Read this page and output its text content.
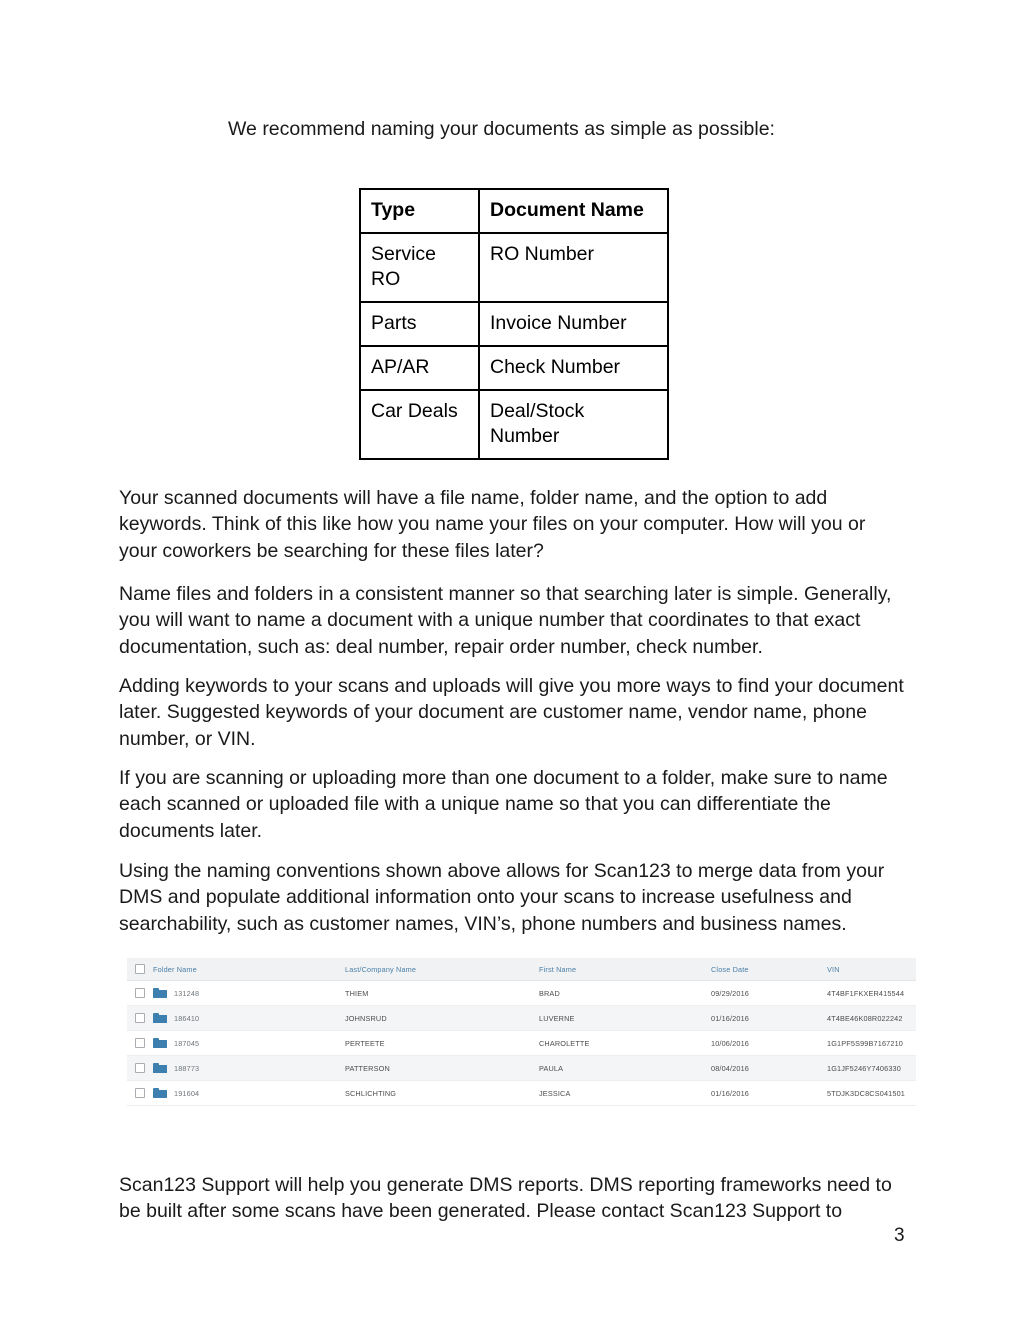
We recommend naming your documents as simple as possible:
Type	Document Name
Service RO	RO Number
Parts	Invoice Number
AP/AR	Check Number
Car Deals	Deal/Stock Number

Your scanned documents will have a file name, folder name, and the option to add keywords. Think of this like how you name your files on your computer. How will you or your coworkers be searching for these files later?

Name files and folders in a consistent manner so that searching later is simple. Generally, you will want to name a document with a unique number that coordinates to that exact documentation, such as: deal number, repair order number, check number.

Adding keywords to your scans and uploads will give you more ways to find your document later. Suggested keywords of your document are customer name, vendor name, phone number, or VIN.

If you are scanning or uploading more than one document to a folder, make sure to name each scanned or uploaded file with a unique name so that you can differentiate the documents later.

Using the naming conventions shown above allows for Scan123 to merge data from your DMS and populate additional information onto your scans to increase usefulness and searchability, such as customer names, VIN’s, phone numbers and business names.

Folder Name	Last/Company Name	First Name	Close Date	VIN
131248	THIEM	BRAD	09/29/2016	4T4BF1FKXER415544
186410	JOHNSRUD	LUVERNE	01/16/2016	4T4BE46K08R022242
187045	PERTEETE	CHAROLETTE	10/06/2016	1G1PF5S99B7167210
188773	PATTERSON	PAULA	08/04/2016	1G1JF5246Y7406330
191604	SCHLICHTING	JESSICA	01/16/2016	5TDJK3DC8CS041501

Scan123 Support will help you generate DMS reports. DMS reporting frameworks need to be built after some scans have been generated. Please contact Scan123 Support to

3
